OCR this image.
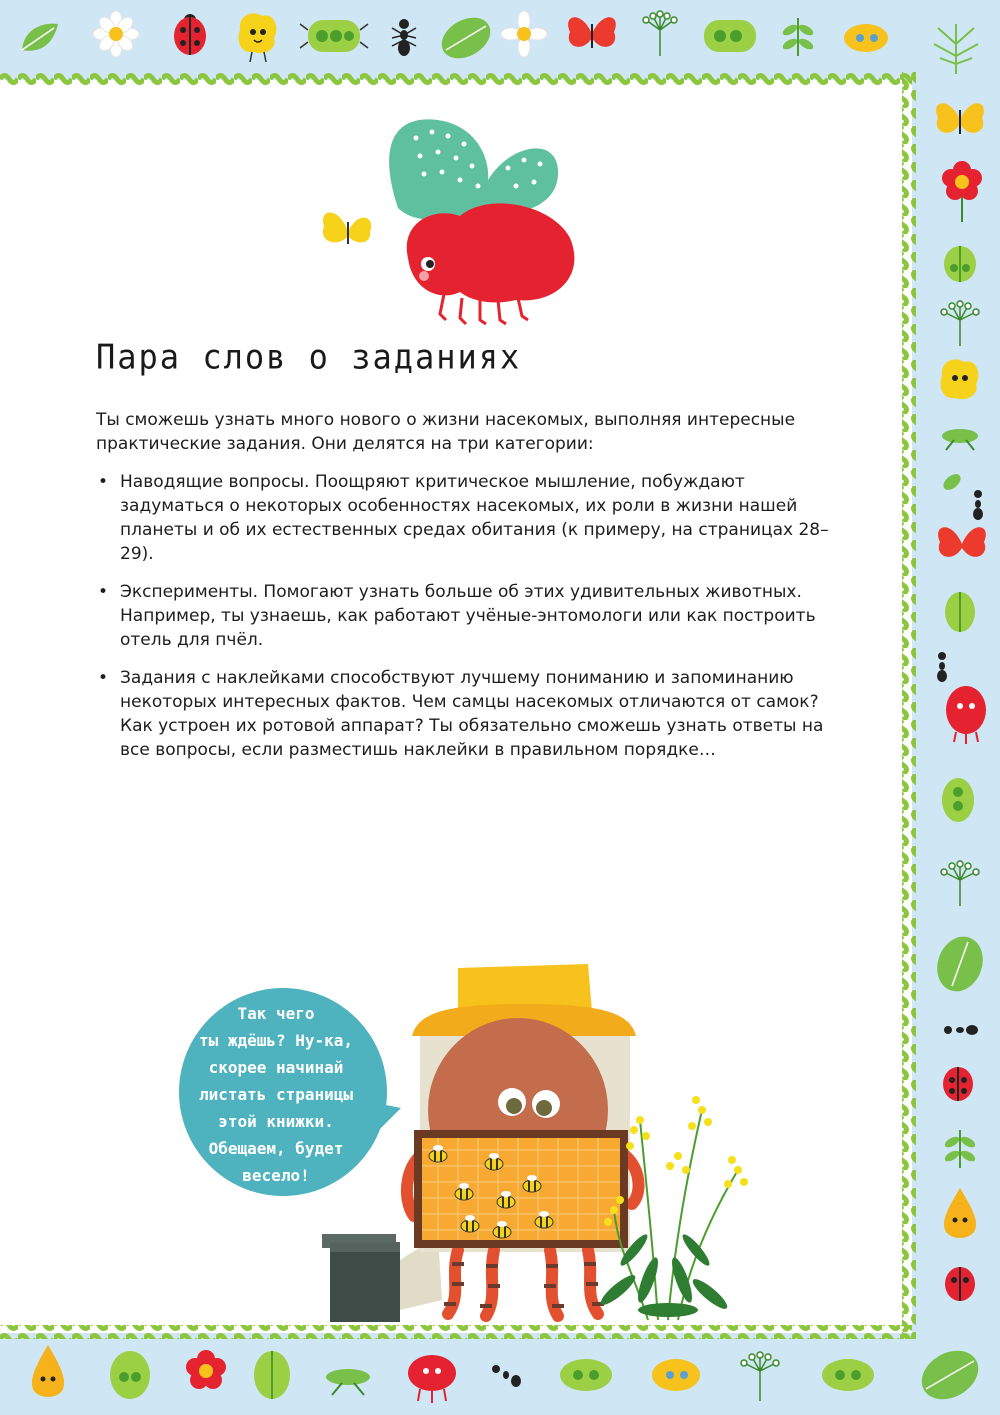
Пара слов о заданиях
Ты сможешь узнать много нового о жизни насекомых, выполняя интересные практические задания. Они делятся на три категории:
• Наводящие вопросы. Поощряют критическое мышление, побуждают задуматься о некоторых особенностях насекомых, их роли в жизни нашей планеты и об их естественных средах обитания (к примеру, на страницах 28–29).
• Эксперименты. Помогают узнать больше об этих удивительных животных. Например, ты узнаешь, как работают учёные-энтомологи или как построить отель для пчёл.
• Задания с наклейками способствуют лучшему пониманию и запоминанию некоторых интересных фактов. Чем самцы насекомых отличаются от самок? Как устроен их ротовой аппарат? Ты обязательно сможешь узнать ответы на все вопросы, если разместишь наклейки в правильном порядке…
Так чего
ты ждёшь? Ну-ка,
скорее начинай
листать страницы
этой книжки.
Обещаем, будет
весело!
